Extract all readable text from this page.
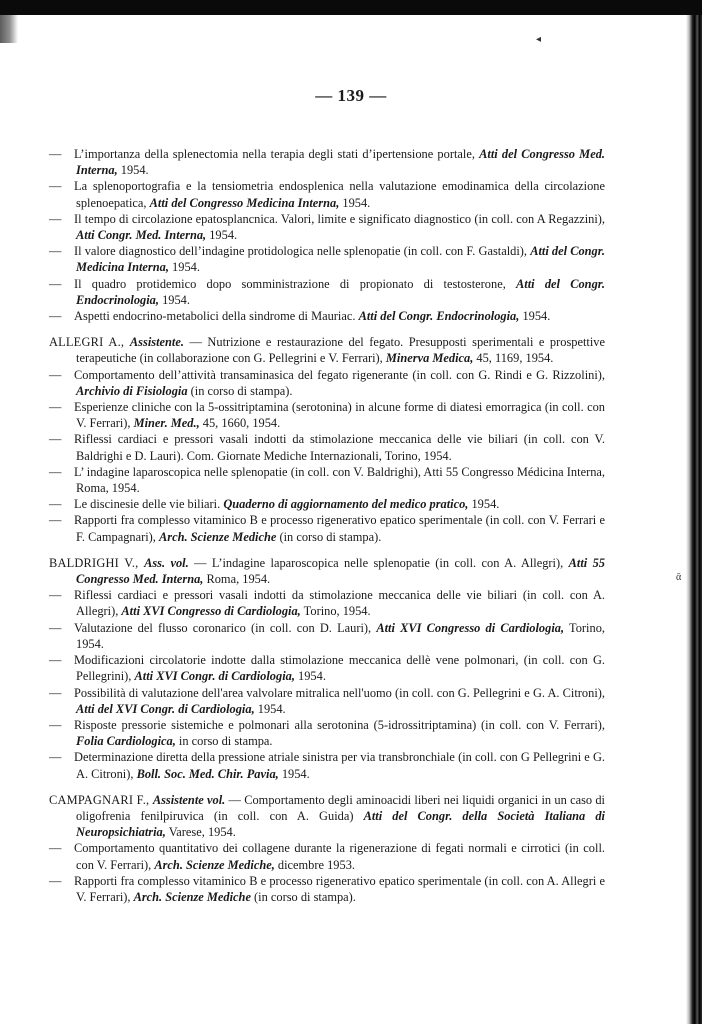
— 139 —
— L’importanza della splenectomia nella terapia degli stati d’ipertensione portale, Atti del Congresso Med. Interna, 1954.
— La splenoportografia e la tensiometria endosplenica nella valutazione emodinamica della circolazione splenoepatica, Atti del Congresso Medicina Interna, 1954.
— Il tempo di circolazione epatosplancnica. Valori, limite e significato diagnostico (in coll. con A Regazzini), Atti Congr. Med. Interna, 1954.
— Il valore diagnostico dell’indagine protidologica nelle splenopatie (in coll. con F. Gastaldi), Atti del Congr. Medicina Interna, 1954.
— Il quadro protidemico dopo somministrazione di propionato di testosterone, Atti del Congr. Endocrinologia, 1954.
— Aspetti endocrino-metabolici della sindrome di Mauriac. Atti del Congr. Endocrinologia, 1954.
ALLEGRI A., Assistente. — Nutrizione e restaurazione del fegato. Presupposti sperimentali e prospettive terapeutiche (in collaborazione con G. Pellegrini e V. Ferrari), Minerva Medica, 45, 1169, 1954.
— Comportamento dell’attività transaminasica del fegato rigenerante (in coll. con G. Rindi e G. Rizzolini), Archivio di Fisiologia (in corso di stampa).
— Esperienze cliniche con la 5-ossitriptamina (serotonina) in alcune forme di diatesi emorragica (in coll. con V. Ferrari), Miner. Med., 45, 1660, 1954.
— Riflessi cardiaci e pressori vasali indotti da stimolazione meccanica delle vie biliari (in coll. con V. Baldrighi e D. Lauri). Com. Giornate Mediche Internazionali, Torino, 1954.
— L’ indagine laparoscopica nelle splenopatie (in coll. con V. Baldrighi), Atti 55 Congresso Médicina Interna, Roma, 1954.
— Le discinesie delle vie biliari. Quaderno di aggiornamento del medico pratico, 1954.
— Rapporti fra complesso vitaminico B e processo rigenerativo epatico sperimentale (in coll. con V. Ferrari e F. Campagnari), Arch. Scienze Mediche (in corso di stampa).
BALDRIGHI V., Ass. vol. — L’indagine laparoscopica nelle splenopatie (in coll. con A. Allegri), Atti 55 Congresso Med. Interna, Roma, 1954.
— Riflessi cardiaci e pressori vasali indotti da stimolazione meccanica delle vie biliari (in coll. con A. Allegri), Atti XVI Congresso di Cardiologia, Torino, 1954.
— Valutazione del flusso coronarico (in coll. con D. Lauri), Atti XVI Congresso di Cardiologia, Torino, 1954.
— Modificazioni circolatorie indotte dalla stimolazione meccanica dellè vene polmonari, (in coll. con G. Pellegrini), Atti XVI Congr. di Cardiologia, 1954.
— Possibilità di valutazione dell'area valvolare mitralica nell'uomo (in coll. con G. Pellegrini e G. A. Citroni), Atti del XVI Congr. di Cardiologia, 1954.
— Risposte pressorie sistemiche e polmonari alla serotonina (5-idrossitriptamina) (in coll. con V. Ferrari), Folia Cardiologica, in corso di stampa.
— Determinazione diretta della pressione atriale sinistra per via transbronchiale (in coll. con G Pellegrini e G. A. Citroni), Boll. Soc. Med. Chir. Pavia, 1954.
CAMPAGNARI F., Assistente vol. — Comportamento degli aminoacidi liberi nei liquidi organici in un caso di oligofrenia fenilpiruvica (in coll. con A. Guida) Atti del Congr. della Società Italiana di Neuropsichiatria, Varese, 1954.
— Comportamento quantitativo dei collagene durante la rigenerazione di fegati normali e cirrotici (in coll. con V. Ferrari), Arch. Scienze Mediche, dicembre 1953.
— Rapporti fra complesso vitaminico B e processo rigenerativo epatico sperimentale (in coll. con A. Allegri e V. Ferrari), Arch. Scienze Mediche (in corso di stampa).
◂
ᾱ
